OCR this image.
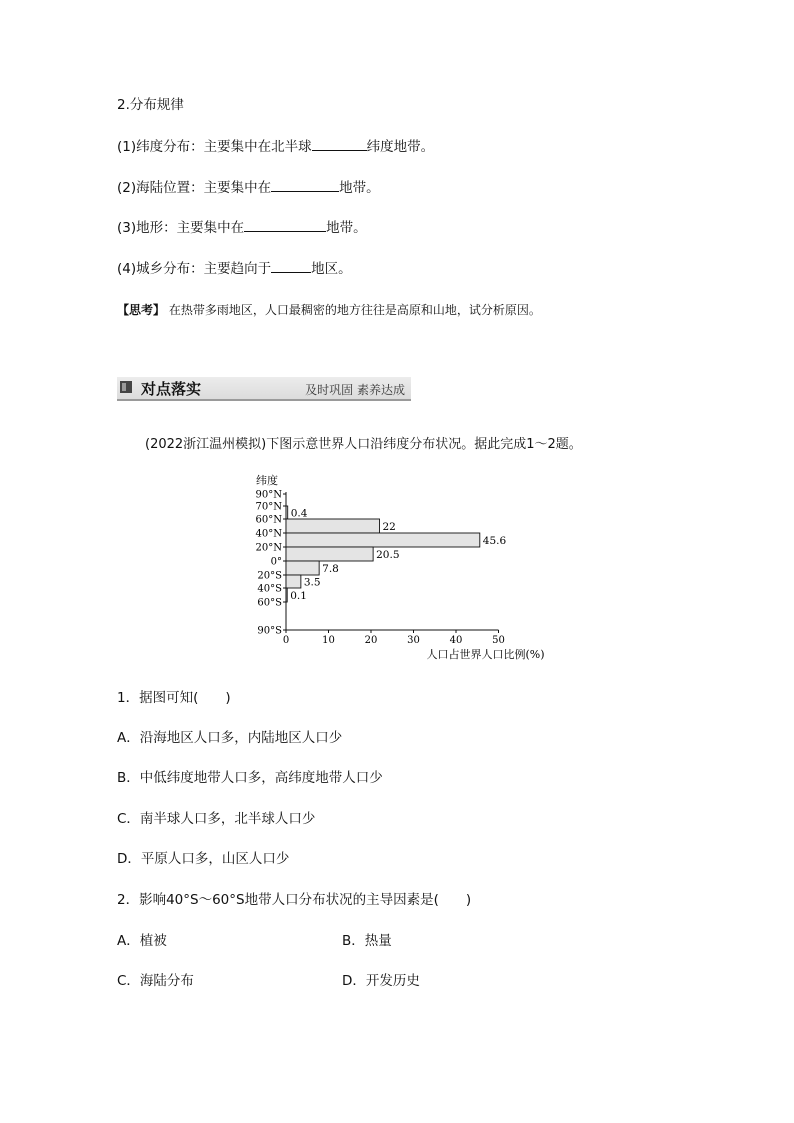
2.分布规律
(1)纬度分布：主要集中在北半球	纬度地带。
(2)海陆位置：主要集中在	地带。
(3)地形：主要集中在	地带。
(4)城乡分布：主要趋向于	地区。
【思考】 在热带多雨地区，人口最稠密的地方往往是高原和山地，试分析原因。
对点落实	及时巩固 素养达成
(2022浙江温州模拟)下图示意世界人口沿纬度分布状况。据此完成1～2题。
纬度
90°N
70°N
60°N
40°N
20°N
0°
20°S
40°S
60°S
90°S
0	10	20	30	40	50
人口占世界人口比例(%)
0.4
22
45.6
20.5
7.8
3.5
0.1
1．据图可知(　　)
A．沿海地区人口多，内陆地区人口少
B．中低纬度地带人口多，高纬度地带人口少
C．南半球人口多，北半球人口少
D．平原人口多，山区人口少
2．影响40°S～60°S地带人口分布状况的主导因素是(　　)
A．植被	B．热量
C．海陆分布	D．开发历史
